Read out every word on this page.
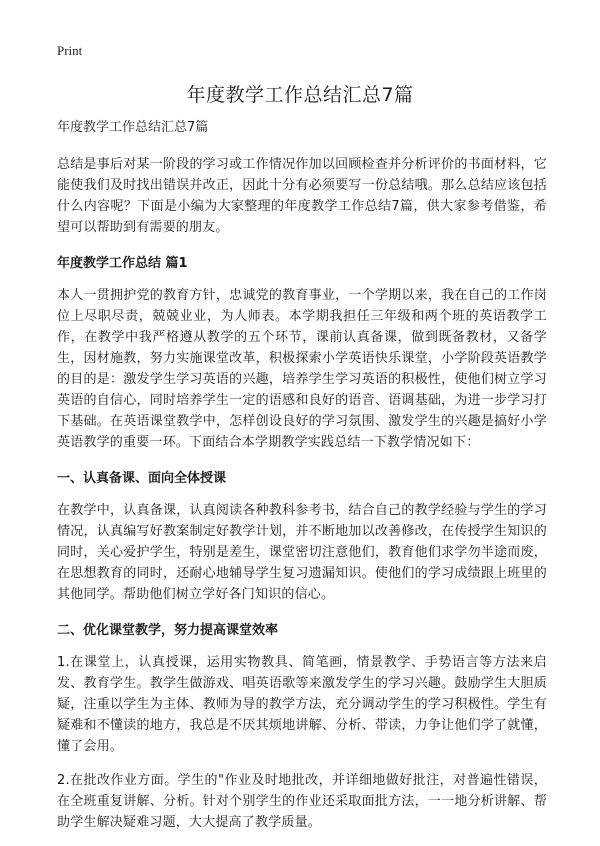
Print
年度教学工作总结汇总7篇
年度教学工作总结汇总7篇

总结是事后对某一阶段的学习或工作情况作加以回顾检查并分析评价的书面材料，它能使我们及时找出错误并改正，因此十分有必须要写一份总结哦。那么总结应该包括什么内容呢？下面是小编为大家整理的年度教学工作总结7篇，供大家参考借鉴，希望可以帮助到有需要的朋友。

年度教学工作总结 篇1

本人一贯拥护党的教育方针，忠诚党的教育事业，一个学期以来，我在自己的工作岗位上尽职尽责，兢兢业业，为人师表。本学期我担任三年级和两个班的英语教学工作，在教学中我严格遵从教学的五个环节，课前认真备课，做到既备教材，又备学生，因材施教，努力实施课堂改革，积极探索小学英语快乐课堂，小学阶段英语教学的目的是：激发学生学习英语的兴趣，培养学生学习英语的积极性，使他们树立学习英语的自信心，同时培养学生一定的语感和良好的语音、语调基础，为进一步学习打下基础。在英语课堂教学中，怎样创设良好的学习氛围、激发学生的兴趣是搞好小学英语教学的重要一环。下面结合本学期教学实践总结一下教学情况如下：

一、认真备课、面向全体授课

在教学中，认真备课，认真阅读各种教科参考书，结合自己的教学经验与学生的学习情况，认真编写好教案制定好教学计划，并不断地加以改善修改，在传授学生知识的同时，关心爱护学生，特别是差生，课堂密切注意他们，教育他们求学勿半途而废，在思想教育的同时，还耐心地辅导学生复习遗漏知识。使他们的学习成绩跟上班里的其他同学。帮助他们树立学好各门知识的信心。

二、优化课堂教学，努力提高课堂效率

1.在课堂上，认真授课，运用实物教具、简笔画，情景教学、手势语言等方法来启发、教育学生。教学生做游戏、唱英语歌等来激发学生的学习兴趣。鼓励学生大胆质疑，注重以学生为主体、教师为导的教学方法，充分调动学生的学习积极性。学生有疑难和不懂读的地方，我总是不厌其烦地讲解、分析、带读，力争让他们学了就懂，懂了会用。

2.在批改作业方面。学生的"作业及时地批改，并详细地做好批注，对普遍性错误，在全班重复讲解、分析。针对个别学生的作业还采取面批方法，一一地分析讲解、帮助学生解决疑难习题，大大提高了教学质量。
